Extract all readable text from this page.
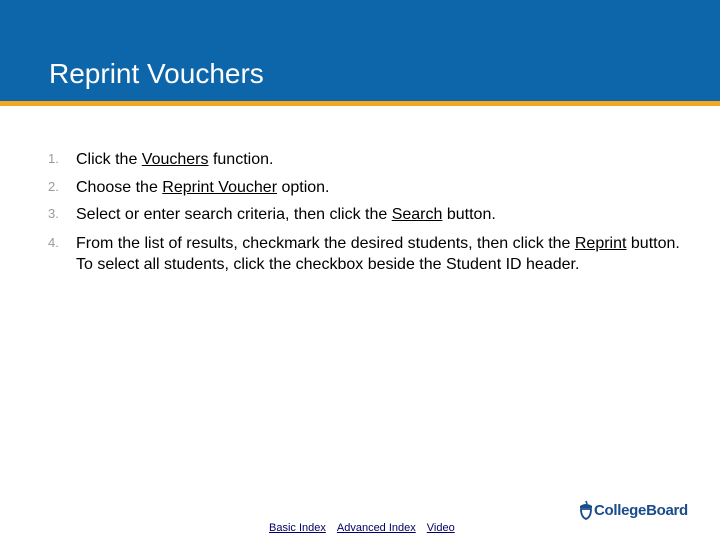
Reprint Vouchers
1. Click the Vouchers function.
2. Choose the Reprint Voucher option.
3. Select or enter search criteria, then click the Search button.
4. From the list of results, checkmark the desired students, then click the Reprint button. To select all students, click the checkbox beside the Student ID header.
Basic Index Advanced Index Video
CollegeBoard
